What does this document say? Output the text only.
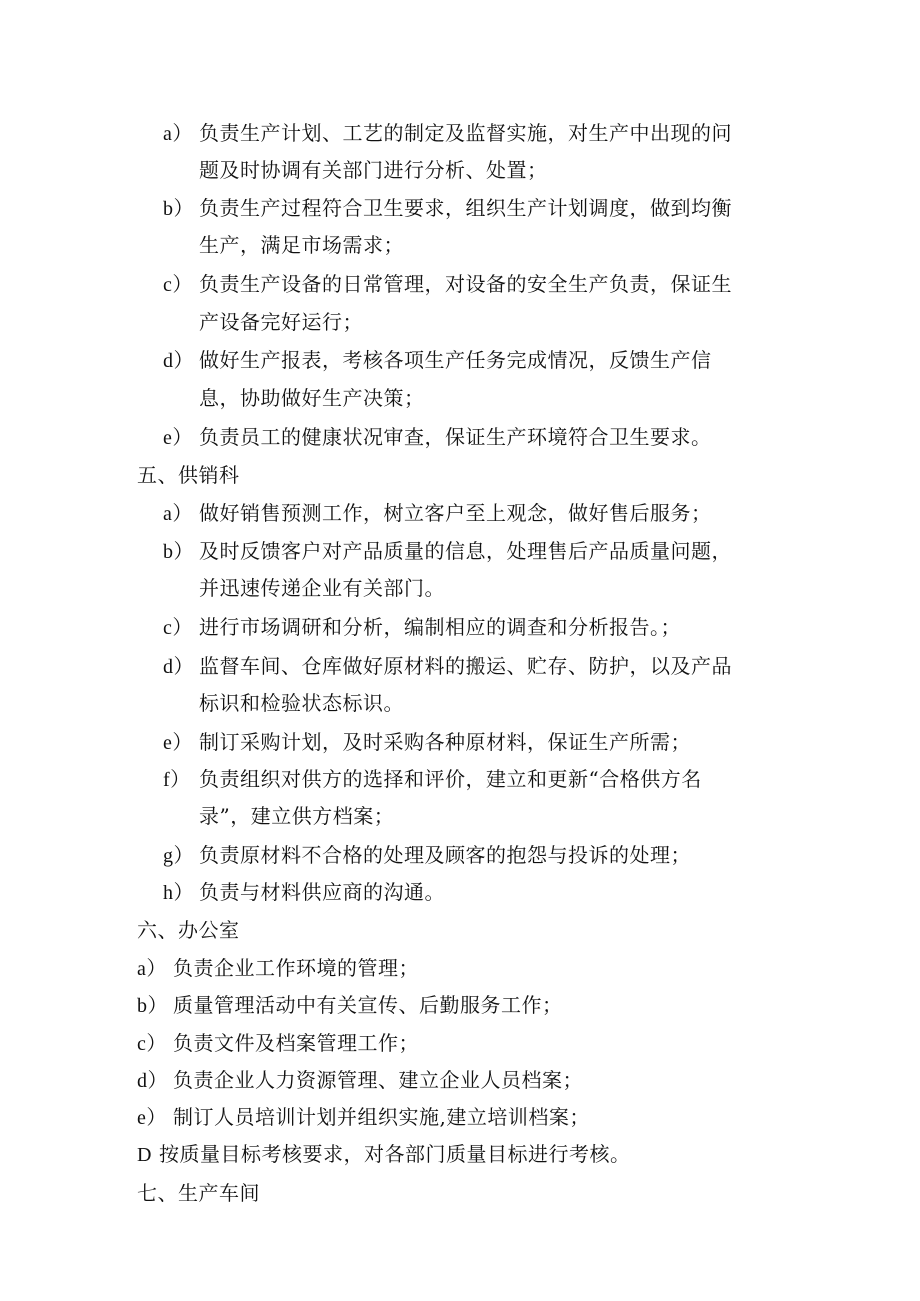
a） 负责生产计划、工艺的制定及监督实施，对生产中出现的问
题及时协调有关部门进行分析、处置；
b） 负责生产过程符合卫生要求，组织生产计划调度，做到均衡
生产，满足市场需求；
c） 负责生产设备的日常管理，对设备的安全生产负责，保证生
产设备完好运行；
d） 做好生产报表，考核各项生产任务完成情况，反馈生产信
息，协助做好生产决策；
e） 负责员工的健康状况审查，保证生产环境符合卫生要求。
五、供销科
a） 做好销售预测工作，树立客户至上观念，做好售后服务；
b） 及时反馈客户对产品质量的信息，处理售后产品质量问题，
并迅速传递企业有关部门。
c） 进行市场调研和分析，编制相应的调查和分析报告。；
d） 监督车间、仓库做好原材料的搬运、贮存、防护，以及产品
标识和检验状态标识。
e） 制订采购计划，及时采购各种原材料，保证生产所需；
f） 负责组织对供方的选择和评价，建立和更新“合格供方名
录”，建立供方档案；
g） 负责原材料不合格的处理及顾客的抱怨与投诉的处理；
h） 负责与材料供应商的沟通。
六、办公室
a） 负责企业工作环境的管理；
b） 质量管理活动中有关宣传、后勤服务工作；
c） 负责文件及档案管理工作；
d） 负责企业人力资源管理、建立企业人员档案；
e） 制订人员培训计划并组织实施,建立培训档案；
D 按质量目标考核要求，对各部门质量目标进行考核。
七、生产车间
